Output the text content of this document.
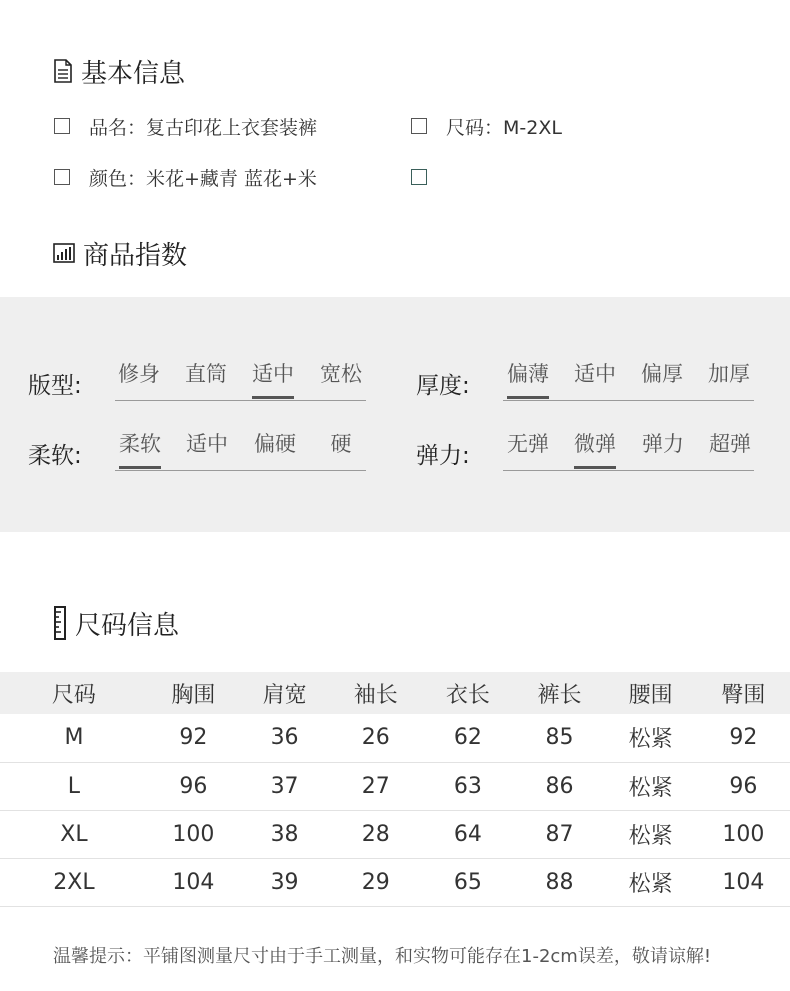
基本信息
品名：复古印花上衣套装裤	尺码：M-2XL
颜色：米花+藏青 蓝花+米
商品指数
版型: 修身 直筒 适中 宽松 厚度: 偏薄 适中 偏厚 加厚
柔软: 柔软 适中 偏硬 硬	弹力: 无弹 微弹 弹力 超弹
尺码信息
尺码	胸围	肩宽	袖长	衣长	裤长	腰围	臀围
M	92	36	26	62	85	松紧	92
L	96	37	27	63	86	松紧	96
XL	100	38	28	64	87	松紧	100
2XL	104	39	29	65	88	松紧	104
温馨提示：平铺图测量尺寸由于手工测量，和实物可能存在1-2cm误差，敬请谅解!
